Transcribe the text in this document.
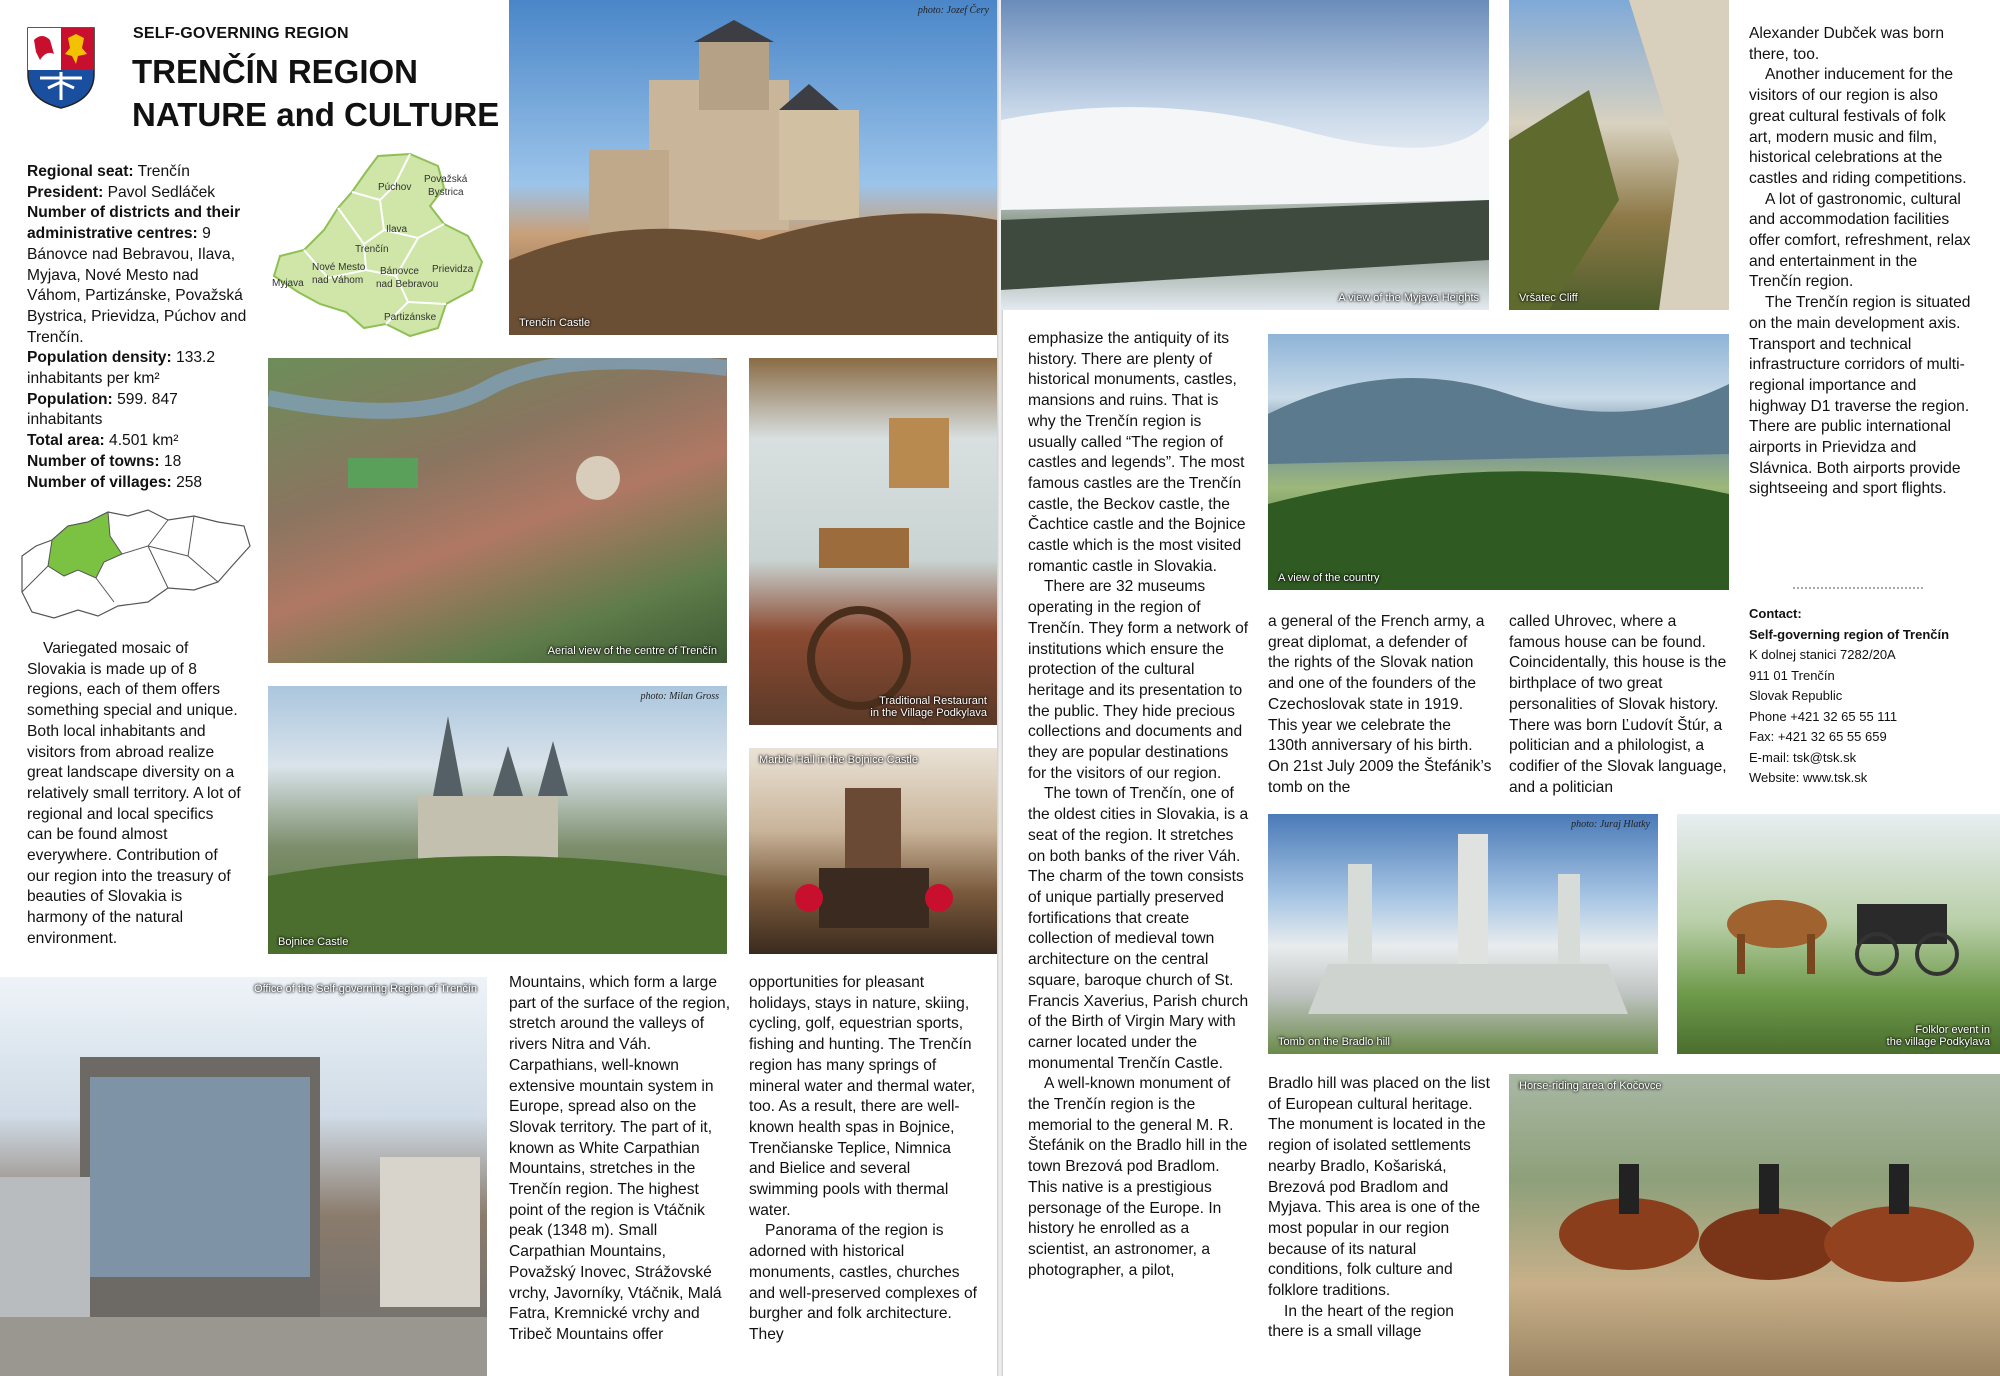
SELF-GOVERNING REGION
TRENČÍN REGION
NATURE and CULTURE
Regional seat: Trenčín
President: Pavol Sedláček
Number of districts and their administrative centres: 9 Bánovce nad Bebravou, Ilava, Myjava, Nové Mesto nad Váhom, Partizánske, Považská Bystrica, Prievidza, Púchov and Trenčín.
Population density: 133.2 inhabitants per km²
Population: 599. 847 inhabitants
Total area: 4.501 km²
Number of towns: 18
Number of villages: 258
Púchov
Považská Bystrica
Ilava
Trenčín
Nové Mesto nad Váhom
Myjava
Bánovce nad Bebravou
Prievidza
Partizánske

Variegated mosaic of Slovakia is made up of 8 regions, each of them offers something special and unique. Both local inhabitants and visitors from abroad realize great landscape diversity on a relatively small territory. A lot of regional and local specifics can be found almost everywhere. Contribution of our region into the treasury of beauties of Slovakia is harmony of the natural environment.

photo: Jozef Čery
Trenčín Castle
Aerial view of the centre of Trenčín
Traditional Restaurant
in the Village Podkylava
photo: Milan Gross
Bojnice Castle
Marble Hall in the Bojnice Castle
Office of the Self-governing Region of Trenčín Mountains, which form a large part of the surface of the region, stretch around the valleys of rivers Nitra and Váh. Carpathians, well-known extensive mountain system in Europe, spread also on the Slovak territory. The part of it, known as White Carpathian Mountains, stretches in the Trenčín region. The highest point of the region is Vtáčnik peak (1348 m). Small Carpathian Mountains, Považský Inovec, Strážovské vrchy, Javorníky, Vtáčnik, Malá Fatra, Kremnické vrchy and Tribeč Mountains offer

opportunities for pleasant holidays, stays in nature, skiing, cycling, golf, equestrian sports, fishing and hunting. The Trenčín region has many springs of mineral water and thermal water, too. As a result, there are well-known health spas in Bojnice, Trenčianske Teplice, Nimnica and Bielice and several swimming pools with thermal water.

Panorama of the region is adorned with historical monuments, castles, churches and well-preserved complexes of burgher and folk architecture. They

A view of the Myjava Heights	Vršatec Cliff

Alexander Dubček was born there, too.

Another inducement for the visitors of our region is also great cultural festivals of folk art, modern music and film, historical celebrations at the castles and riding competitions.

A lot of gastronomic, cultural and accommodation facilities offer comfort, refreshment, relax and entertainment in the Trenčín region.

The Trenčín region is situated on the main development axis. Transport and technical infrastructure corridors of multi-regional importance and highway D1 traverse the region. There are public international airports in Prievidza and Slávnica. Both airports provide sightseeing and sport flights.

Contact:
Self-governing region of Trenčín
K dolnej stanici 7282/20A
911 01 Trenčín
Slovak Republic
Phone +421 32 65 55 111
Fax: +421 32 65 55 659
E-mail: tsk@tsk.sk
Website: www.tsk.sk

emphasize the antiquity of its history. There are plenty of historical monuments, castles, mansions and ruins. That is why the Trenčín region is usually called “The region of castles and legends”. The most famous castles are the Trenčín castle, the Beckov castle, the Čachtice castle and the Bojnice castle which is the most visited romantic castle in Slovakia.

There are 32 museums operating in the region of Trenčín. They form a network of institutions which ensure the protection of the cultural heritage and its presentation to the public. They hide precious collections and documents and they are popular destinations for the visitors of our region.

The town of Trenčín, one of the oldest cities in Slovakia, is a seat of the region. It stretches on both banks of the river Váh. The charm of the town consists of unique partially preserved fortifications that create collection of medieval town architecture on the central square, baroque church of St. Francis Xaverius, Parish church of the Birth of Virgin Mary with carner located under the monumental Trenčín Castle.

A well-known monument of the Trenčín region is the memorial to the general M. R. Štefánik on the Bradlo hill in the town Brezová pod Bradlom. This native is a prestigious personage of the Europe. In history he enrolled as a scientist, an astronomer, a photographer, a pilot,

A view of the country

a general of the French army, a great diplomat, a defender of the rights of the Slovak nation and one of the founders of the Czechoslovak state in 1919. This year we celebrate the 130th anniversary of his birth. On 21st July 2009 the Štefánik’s tomb on the

called Uhrovec, where a famous house can be found. Coincidentally, this house is the birthplace of two great personalities of Slovak history. There was born Ľudovít Štúr, a politician and a philologist, a codifier of the Slovak language, and a politician

photo: Juraj Hlatky
Tomb on the Bradlo hill
Folklor event in
the village Podkylava

Bradlo hill was placed on the list of European cultural heritage. The monument is located in the region of isolated settlements nearby Bradlo, Košariská, Brezová pod Bradlom and Myjava. This area is one of the most popular in our region because of its natural conditions, folk culture and folklore traditions.

In the heart of the region there is a small village

Horse-riding area of Kočovce
